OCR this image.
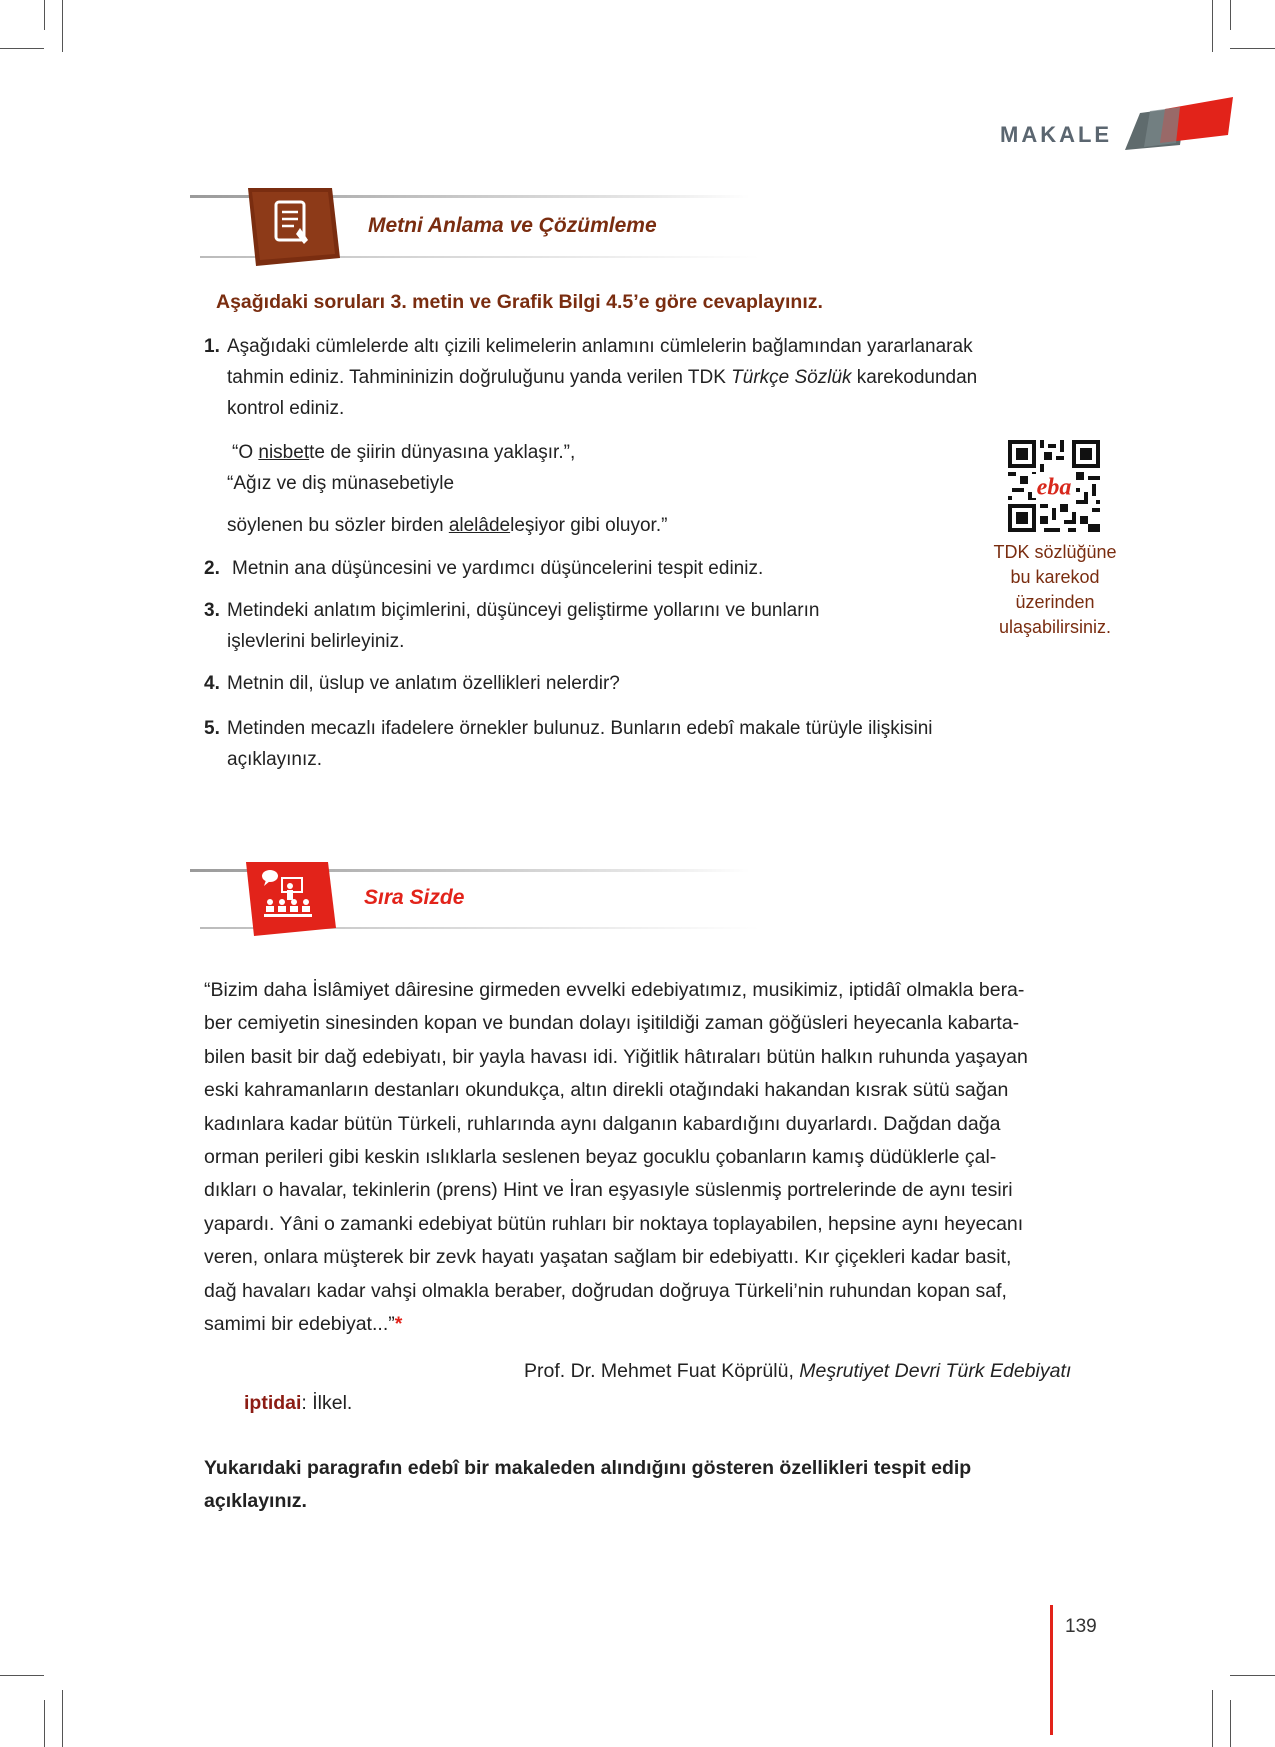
MAKALE
Metni Anlama ve Çözümleme
Aşağıdaki soruları 3. metin ve Grafik Bilgi 4.5’e göre cevaplayınız.
1. Aşağıdaki cümlelerde altı çizili kelimelerin anlamını cümlelerin bağlamından yararlanarak
tahmin ediniz. Tahmininizin doğruluğunu yanda verilen TDK Türkçe Sözlük karekodundan
kontrol ediniz.
“O nisbette de şiirin dünyasına yaklaşır.”,
“Ağız ve diş münasebetiyle
söylenen bu sözler birden alelâdeleşiyor gibi oluyor.”
eba
TDK sözlüğüne
bu karekod
üzerinden
ulaşabilirsiniz.
2. Metnin ana düşüncesini ve yardımcı düşüncelerini tespit ediniz.
3. Metindeki anlatım biçimlerini, düşünceyi geliştirme yollarını ve bunların
işlevlerini belirleyiniz.
4. Metnin dil, üslup ve anlatım özellikleri nelerdir?
5. Metinden mecazlı ifadelere örnekler bulunuz. Bunların edebî makale türüyle ilişkisini
açıklayınız.
Sıra Sizde
“Bizim daha İslâmiyet dâiresine girmeden evvelki edebiyatımız, musikimiz, iptidâî olmakla bera-
ber cemiyetin sinesinden kopan ve bundan dolayı işitildiği zaman göğüsleri heyecanla kabarta-
bilen basit bir dağ edebiyatı, bir yayla havası idi. Yiğitlik hâtıraları bütün halkın ruhunda yaşayan
eski kahramanların destanları okundukça, altın direkli otağındaki hakandan kısrak sütü sağan
kadınlara kadar bütün Türkeli, ruhlarında aynı dalganın kabardığını duyarlardı. Dağdan dağa
orman perileri gibi keskin ıslıklarla seslenen beyaz gocuklu çobanların kamış düdüklerle çal-
dıkları o havalar, tekinlerin (prens) Hint ve İran eşyasıyle süslenmiş portrelerinde de aynı tesiri
yapardı. Yâni o zamanki edebiyat bütün ruhları bir noktaya toplayabilen, hepsine aynı heyecanı
veren, onlara müşterek bir zevk hayatı yaşatan sağlam bir edebiyattı. Kır çiçekleri kadar basit,
dağ havaları kadar vahşi olmakla beraber, doğrudan doğruya Türkeli’nin ruhundan kopan saf,
samimi bir edebiyat...”*
Prof. Dr. Mehmet Fuat Köprülü, Meşrutiyet Devri Türk Edebiyatı
iptidai: İlkel.
Yukarıdaki paragrafın edebî bir makaleden alındığını gösteren özellikleri tespit edip
açıklayınız.
139
